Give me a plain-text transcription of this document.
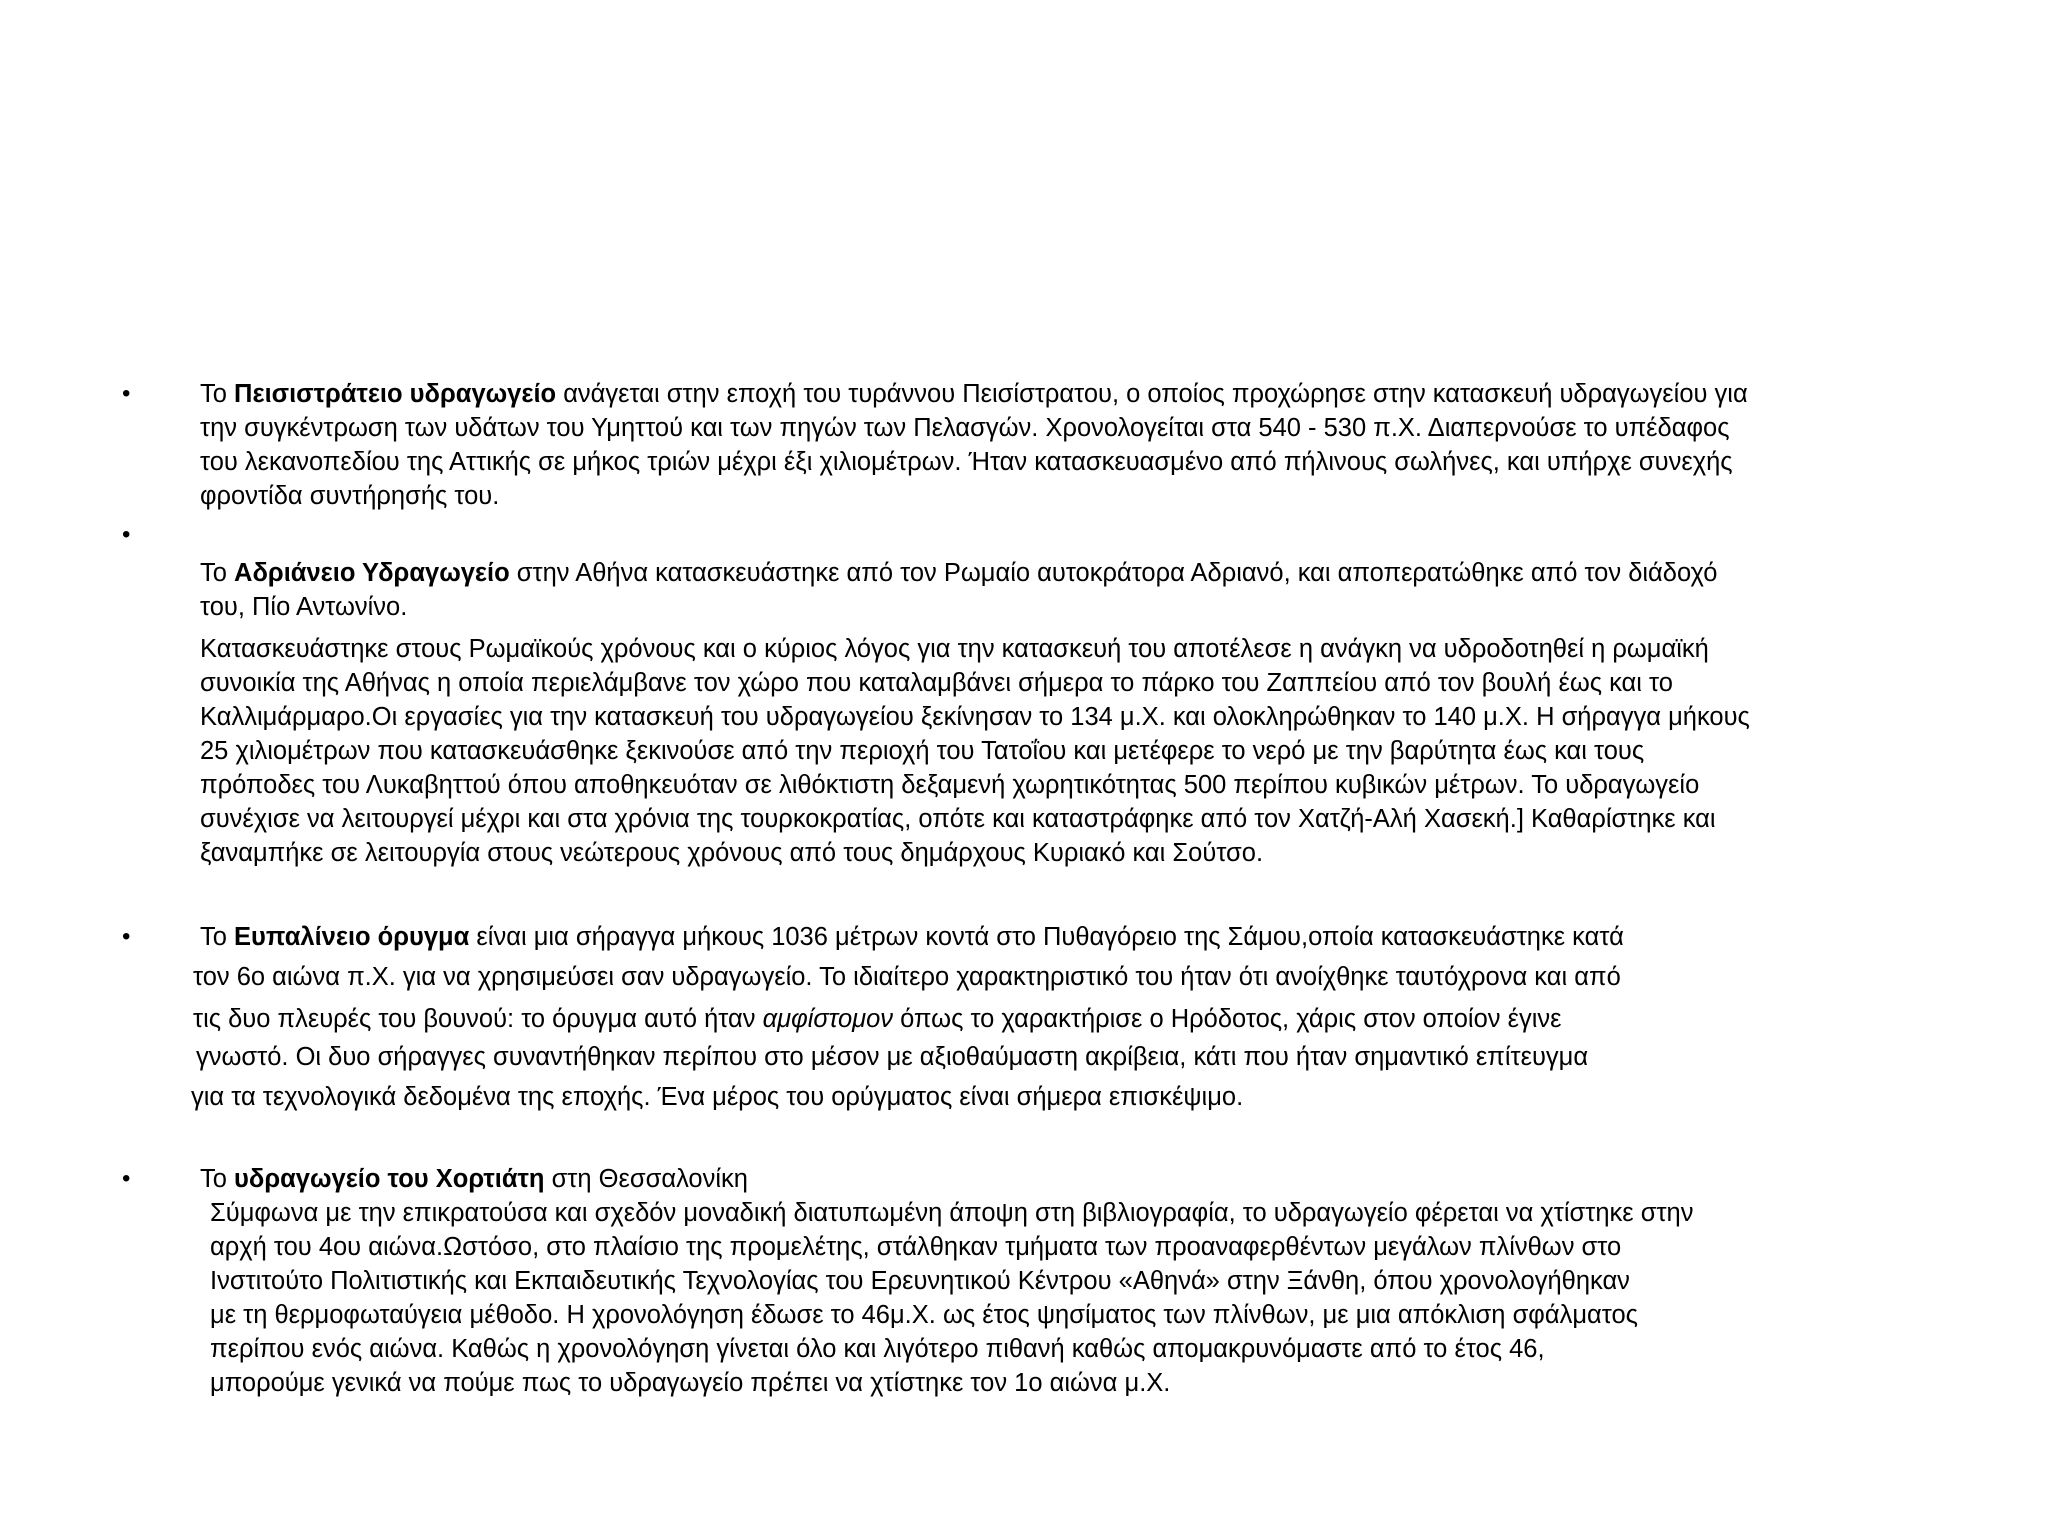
•	Το Πεισιστράτειο υδραγωγείο ανάγεται στην εποχή του τυράννου Πεισίστρατου, ο οποίος προχώρησε στην κατασκευή υδραγωγείου για
την συγκέντρωση των υδάτων του Υμηττού και των πηγών των Πελασγών. Χρονολογείται στα 540 - 530 π.Χ. Διαπερνούσε το υπέδαφος
του λεκανοπεδίου της Αττικής σε μήκος τριών μέχρι έξι χιλιομέτρων. Ήταν κατασκευασμένο από πήλινους σωλήνες, και υπήρχε συνεχής
φροντίδα συντήρησής του.
•
Το Αδριάνειο Υδραγωγείο στην Αθήνα κατασκευάστηκε από τον Ρωμαίο αυτοκράτορα Αδριανό, και αποπερατώθηκε από τον διάδοχό
του, Πίο Αντωνίνο.
Κατασκευάστηκε στους Ρωμαϊκούς χρόνους και ο κύριος λόγος για την κατασκευή του αποτέλεσε η ανάγκη να υδροδοτηθεί η ρωμαϊκή
συνοικία της Αθήνας η οποία περιελάμβανε τον χώρο που καταλαμβάνει σήμερα το πάρκο του Ζαππείου από τον βουλή έως και το
Καλλιμάρμαρο.Οι εργασίες για την κατασκευή του υδραγωγείου ξεκίνησαν το 134 μ.Χ. και ολοκληρώθηκαν το 140 μ.Χ. Η σήραγγα μήκους
25 χιλιομέτρων που κατασκευάσθηκε ξεκινούσε από την περιοχή του Τατοΐου και μετέφερε το νερό με την βαρύτητα έως και τους
πρόποδες του Λυκαβηττού όπου αποθηκευόταν σε λιθόκτιστη δεξαμενή χωρητικότητας 500 περίπου κυβικών μέτρων. Το υδραγωγείο
συνέχισε να λειτουργεί μέχρι και στα χρόνια της τουρκοκρατίας, οπότε και καταστράφηκε από τον Χατζή-Αλή Χασεκή.] Καθαρίστηκε και
ξαναμπήκε σε λειτουργία στους νεώτερους χρόνους από τους δημάρχους Κυριακό και Σούτσο.
•	Το Ευπαλίνειο όρυγμα είναι μια σήραγγα μήκους 1036 μέτρων κοντά στο Πυθαγόρειο της Σάμου,οποία κατασκευάστηκε κατά
τον 6ο αιώνα π.Χ. για να χρησιμεύσει σαν υδραγωγείο. Το ιδιαίτερο χαρακτηριστικό του ήταν ότι ανοίχθηκε ταυτόχρονα και από
τις δυο πλευρές του βουνού: το όρυγμα αυτό ήταν αμφίστομον όπως το χαρακτήρισε ο Ηρόδοτος, χάρις στον οποίον έγινε
γνωστό. Οι δυο σήραγγες συναντήθηκαν περίπου στο μέσον με αξιοθαύμαστη ακρίβεια, κάτι που ήταν σημαντικό επίτευγμα
για τα τεχνολογικά δεδομένα της εποχής. Ένα μέρος του ορύγματος είναι σήμερα επισκέψιμο.
•	Το υδραγωγείο του Χορτιάτη στη Θεσσαλονίκη
Σύμφωνα με την επικρατούσα και σχεδόν μοναδική διατυπωμένη άποψη στη βιβλιογραφία, το υδραγωγείο φέρεται να χτίστηκε στην
αρχή του 4ου αιώνα.Ωστόσο, στο πλαίσιο της προμελέτης, στάλθηκαν τμήματα των προαναφερθέντων μεγάλων πλίνθων στο
Ινστιτούτο Πολιτιστικής και Εκπαιδευτικής Τεχνολογίας του Ερευνητικού Κέντρου «Αθηνά» στην Ξάνθη, όπου χρονολογήθηκαν
με τη θερμοφωταύγεια μέθοδο. Η χρονολόγηση έδωσε το 46μ.Χ. ως έτος ψησίματος των πλίνθων, με μια απόκλιση σφάλματος
περίπου ενός αιώνα. Καθώς η χρονολόγηση γίνεται όλο και λιγότερο πιθανή καθώς απομακρυνόμαστε από το έτος 46,
μπορούμε γενικά να πούμε πως το υδραγωγείο πρέπει να χτίστηκε τον 1ο αιώνα μ.Χ.
